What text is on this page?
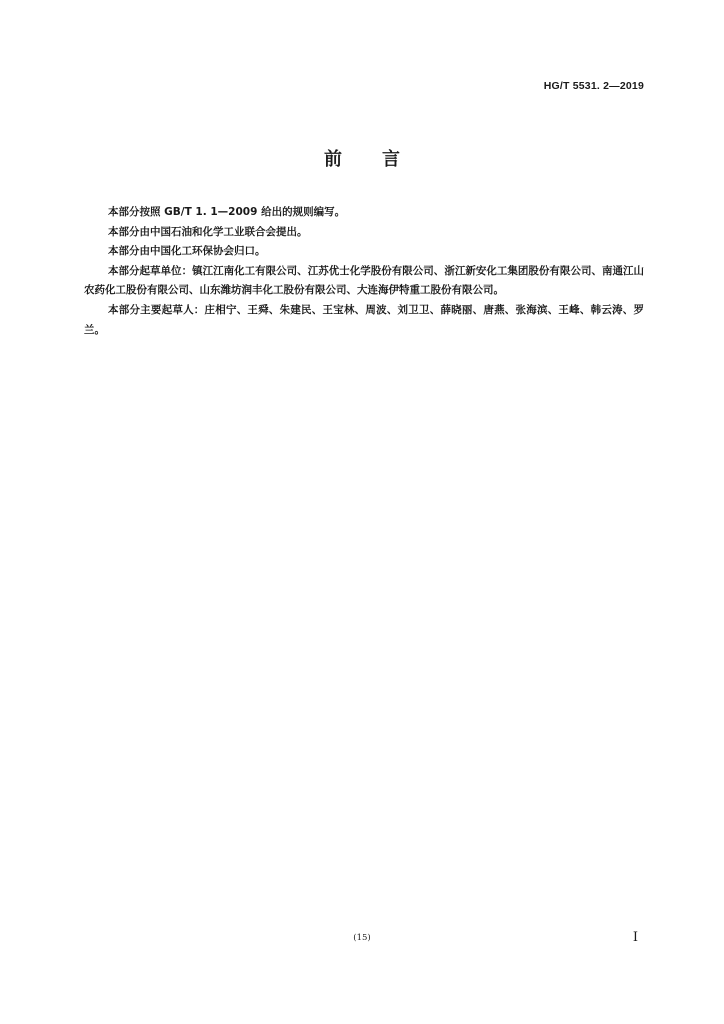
HG/T 5531. 2—2019
前 言

本部分按照 GB/T 1. 1—2009 给出的规则编写。

本部分由中国石油和化学工业联合会提出。

本部分由中国化工环保协会归口。

本部分起草单位：镇江江南化工有限公司、江苏优士化学股份有限公司、浙江新安化工集团股份有限公司、南通江山农药化工股份有限公司、山东潍坊润丰化工股份有限公司、大连海伊特重工股份有限公司。

本部分主要起草人：庄相宁、王舜、朱建民、王宝林、周波、刘卫卫、薛晓丽、唐燕、张海滨、王峰、韩云涛、罗兰。

(15)	I
